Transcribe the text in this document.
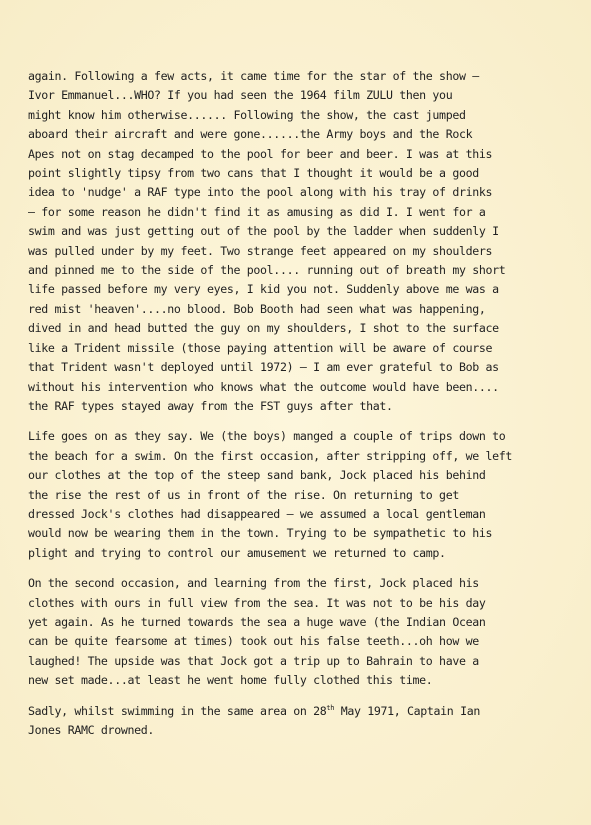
again. Following a few acts, it came time for the star of the show –
Ivor Emmanuel...WHO? If you had seen the 1964 film ZULU then you
might know him otherwise...... Following the show, the cast jumped
aboard their aircraft and were gone......the Army boys and the Rock
Apes not on stag decamped to the pool for beer and beer. I was at this
point slightly tipsy from two cans that I thought it would be a good
idea to 'nudge' a RAF type into the pool along with his tray of drinks
– for some reason he didn't find it as amusing as did I. I went for a
swim and was just getting out of the pool by the ladder when suddenly I
was pulled under by my feet. Two strange feet appeared on my shoulders
and pinned me to the side of the pool.... running out of breath my short
life passed before my very eyes, I kid you not. Suddenly above me was a
red mist 'heaven'....no blood. Bob Booth had seen what was happening,
dived in and head butted the guy on my shoulders, I shot to the surface
like a Trident missile (those paying attention will be aware of course
that Trident wasn't deployed until 1972) – I am ever grateful to Bob as
without his intervention who knows what the outcome would have been....
the RAF types stayed away from the FST guys after that.

Life goes on as they say. We (the boys) manged a couple of trips down to
the beach for a swim. On the first occasion, after stripping off, we left
our clothes at the top of the steep sand bank, Jock placed his behind
the rise the rest of us in front of the rise. On returning to get
dressed Jock's clothes had disappeared – we assumed a local gentleman
would now be wearing them in the town. Trying to be sympathetic to his
plight and trying to control our amusement we returned to camp.

On the second occasion, and learning from the first, Jock placed his
clothes with ours in full view from the sea. It was not to be his day
yet again. As he turned towards the sea a huge wave (the Indian Ocean
can be quite fearsome at times) took out his false teeth...oh how we
laughed! The upside was that Jock got a trip up to Bahrain to have a
new set made...at least he went home fully clothed this time.

Sadly, whilst swimming in the same area on 28th May 1971, Captain Ian
Jones RAMC drowned.
